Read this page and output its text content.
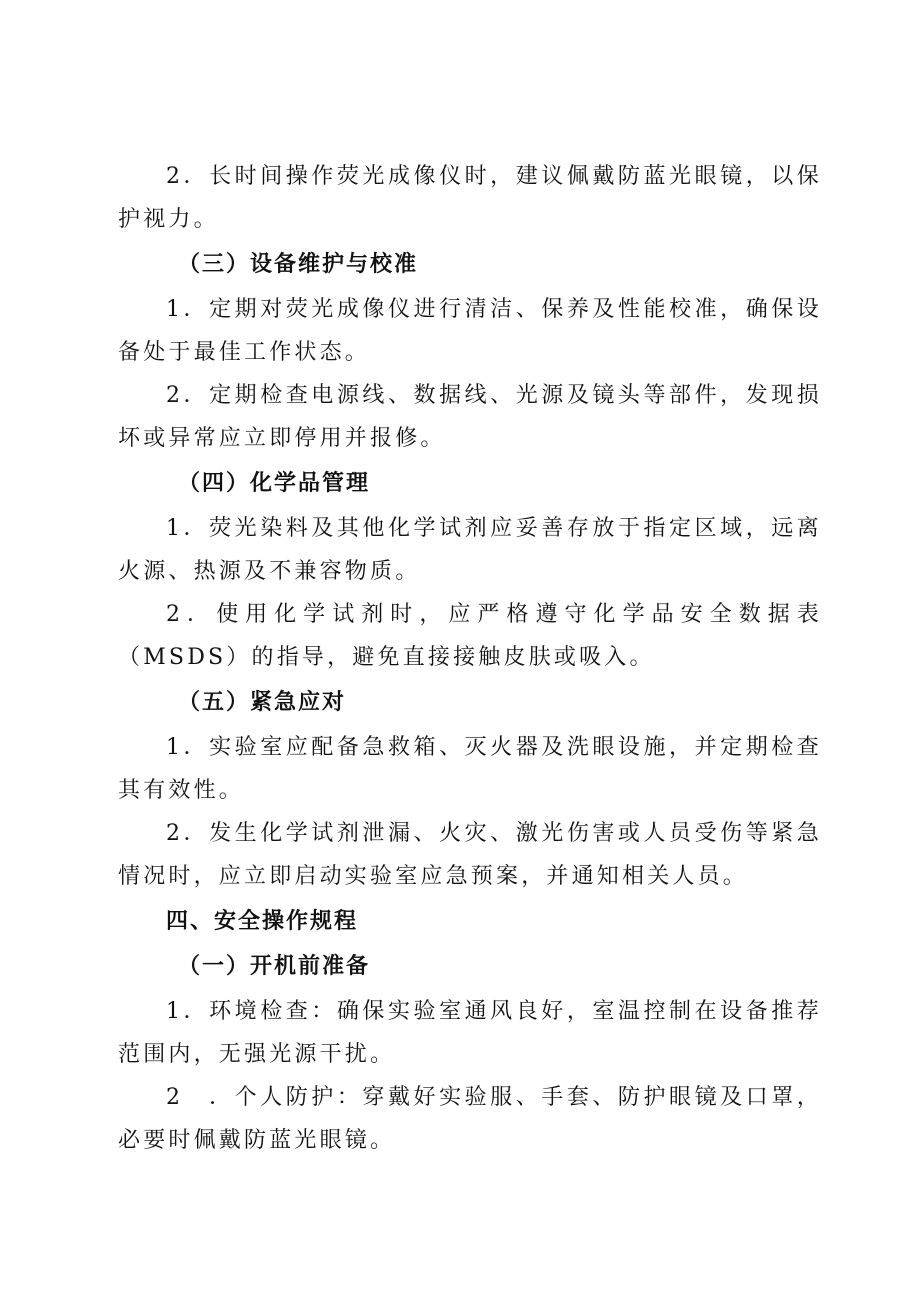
2．长时间操作荧光成像仪时，建议佩戴防蓝光眼镜，以保护视力。

（三）设备维护与校准

1．定期对荧光成像仪进行清洁、保养及性能校准，确保设备处于最佳工作状态。

2．定期检查电源线、数据线、光源及镜头等部件，发现损坏或异常应立即停用并报修。

（四）化学品管理

1．荧光染料及其他化学试剂应妥善存放于指定区域，远离火源、热源及不兼容物质。

2．使用化学试剂时，应严格遵守化学品安全数据表（MSDS）的指导，避免直接接触皮肤或吸入。

（五）紧急应对

1．实验室应配备急救箱、灭火器及洗眼设施，并定期检查其有效性。

2．发生化学试剂泄漏、火灾、激光伤害或人员受伤等紧急情况时，应立即启动实验室应急预案，并通知相关人员。

四、安全操作规程

（一）开机前准备

1．环境检查：确保实验室通风良好，室温控制在设备推荐范围内，无强光源干扰。

2　．个人防护：穿戴好实验服、手套、防护眼镜及口罩，必要时佩戴防蓝光眼镜。
